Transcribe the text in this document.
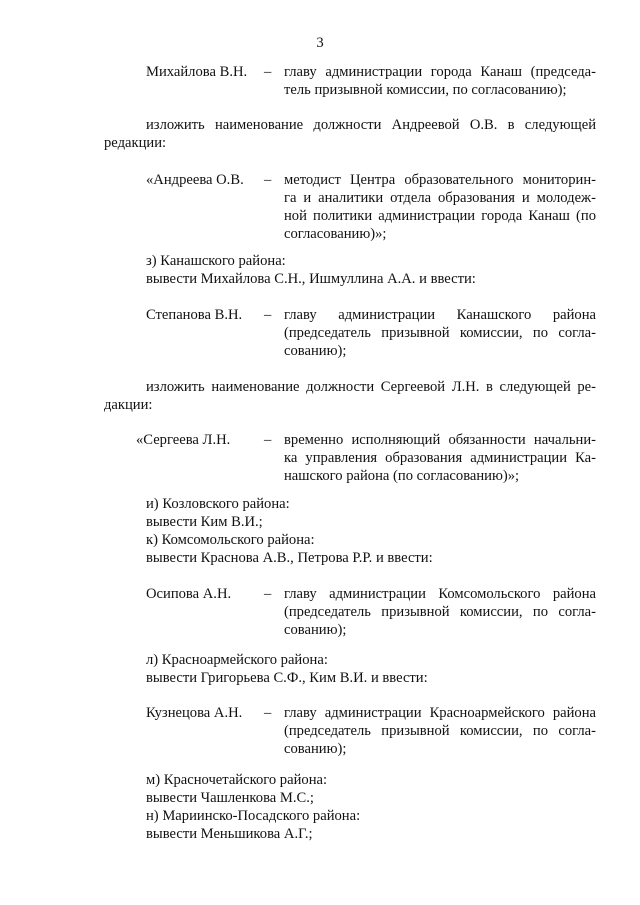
3
Михайлова В.Н. – главу администрации города Канаш (председа-
тель призывной комиссии, по согласованию);
изложить наименование должности Андреевой О.В. в следующей
редакции:
«Андреева О.В. – методист Центра образовательного мониторин-
га и аналитики отдела образования и молодеж-
ной политики администрации города Канаш (по
согласованию)»;
з) Канашского района:
вывести Михайлова С.Н., Ишмуллина А.А. и ввести:
Степанова В.Н. – главу администрации Канашского района
(председатель призывной комиссии, по согла-
сованию);
изложить наименование должности Сергеевой Л.Н. в следующей ре-
дакции:
«Сергеева Л.Н. – временно исполняющий обязанности начальни-
ка управления образования администрации Ка-
нашского района (по согласованию)»;
и) Козловского района:
вывести Ким В.И.;
к) Комсомольского района:
вывести Краснова А.В., Петрова Р.Р. и ввести:
Осипова А.Н. – главу администрации Комсомольского района
(председатель призывной комиссии, по согла-
сованию);
л) Красноармейского района:
вывести Григорьева С.Ф., Ким В.И. и ввести:
Кузнецова А.Н. – главу администрации Красноармейского района
(председатель призывной комиссии, по согла-
сованию);
м) Красночетайского района:
вывести Чашленкова М.С.;
н) Мариинско-Посадского района:
вывести Меньшикова А.Г.;
